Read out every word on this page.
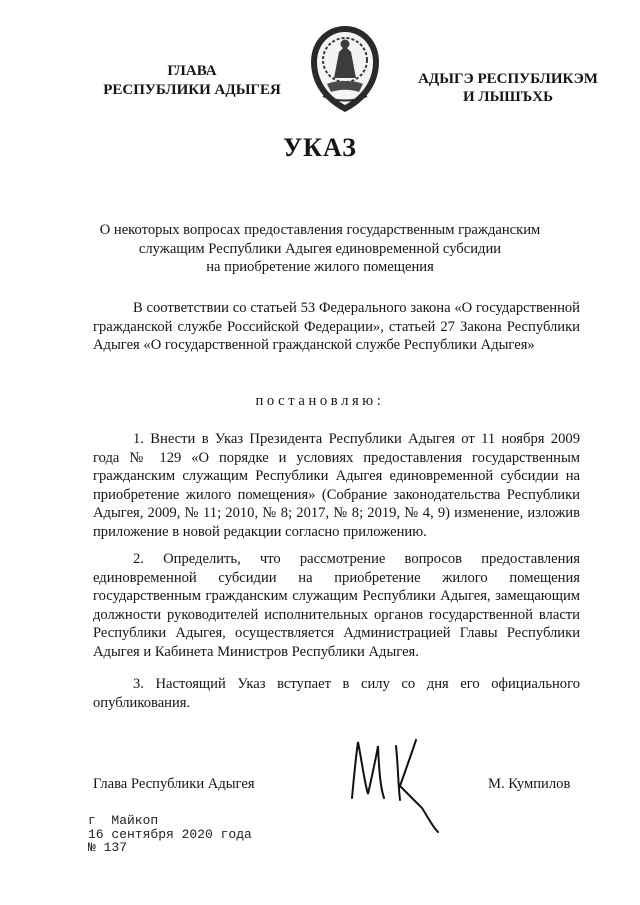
ГЛАВА
РЕСПУБЛИКИ АДЫГЕЯ
АДЫГЭ РЕСПУБЛИКЭМ
И ЛЫШЪХЬ
УКАЗ
О некоторых вопросах предоставления государственным гражданским
служащим Республики Адыгея единовременной субсидии
на приобретение жилого помещения
В соответствии со статьей 53 Федерального закона «О государственной гражданской службе Российской Федерации», статьей 27 Закона Республики Адыгея «О государственной гражданской службе Республики Адыгея»
постановляю:
1. Внести в Указ Президента Республики Адыгея от 11 ноября 2009 года № 129 «О порядке и условиях предоставления государственным гражданским служащим Республики Адыгея единовременной субсидии на приобретение жилого помещения» (Собрание законодательства Республики Адыгея, 2009, № 11; 2010, № 8; 2017, № 8; 2019, № 4, 9) изменение, изложив приложение в новой редакции согласно приложению.
2. Определить, что рассмотрение вопросов предоставления единовременной субсидии на приобретение жилого помещения государственным гражданским служащим Республики Адыгея, замещающим должности руководителей исполнительных органов государственной власти Республики Адыгея, осуществляется Администрацией Главы Республики Адыгея и Кабинета Министров Республики Адыгея.
3. Настоящий Указ вступает в силу со дня его официального опубликования.
Глава Республики Адыгея	М. Кумпилов
г  Майкоп
16 сентября 2020 года
№ 137
